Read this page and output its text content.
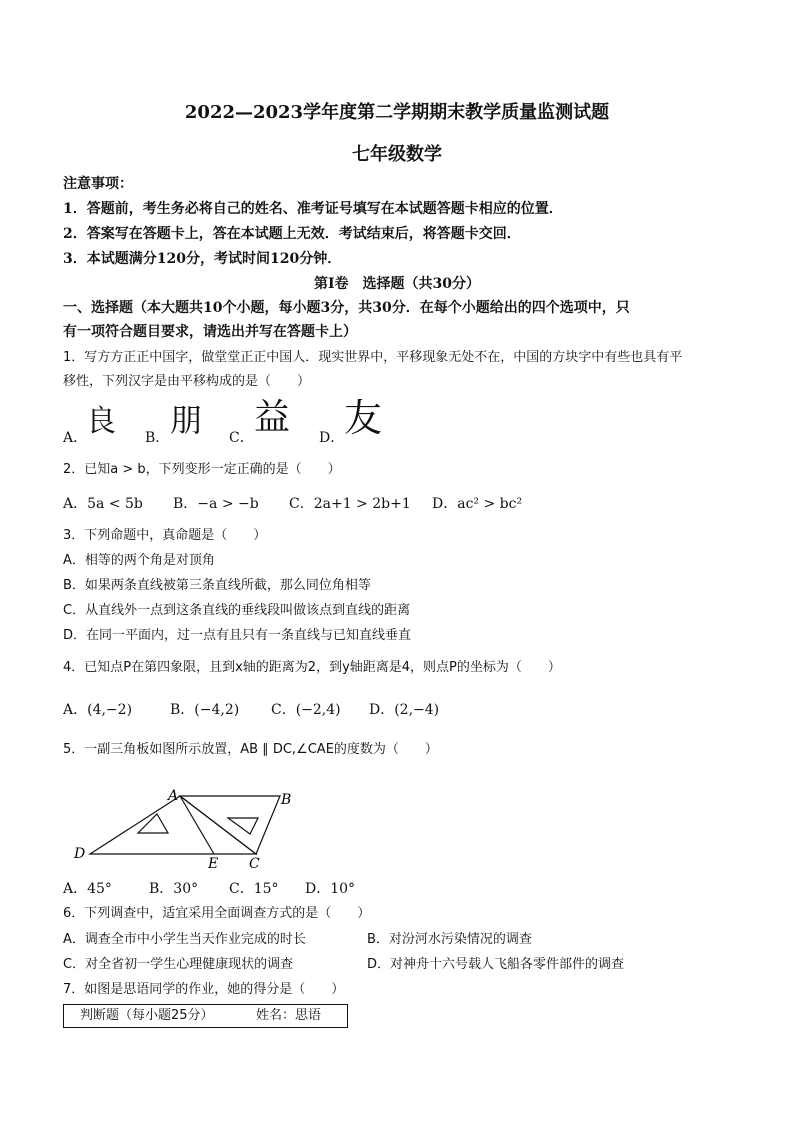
2022—2023学年度第二学期期末教学质量监测试题
七年级数学
注意事项：
1．答题前，考生务必将自己的姓名、准考证号填写在本试题答题卡相应的位置．
2．答案写在答题卡上，答在本试题上无效．考试结束后，将答题卡交回．
3．本试题满分120分，考试时间120分钟．
第Ⅰ卷　选择题（共30分）
一、选择题（本大题共10个小题，每小题3分，共30分．在每个小题给出的四个选项中，只
有一项符合题目要求，请选出并写在答题卡上）
1．写方方正正中国字，做堂堂正正中国人．现实世界中，平移现象无处不在，中国的方块字中有些也具有平
移性，下列汉字是由平移构成的是（　　）
A．
良 B． 朋 C． 益 D． 友
2．已知a > b，下列变形一定正确的是（　　）
A．5a < 5b B．−a > −b C．2a+1 > 2b+1 D．ac² > bc²
3．下列命题中，真命题是（　　）
A．相等的两个角是对顶角
B．如果两条直线被第三条直线所截，那么同位角相等
C．从直线外一点到这条直线的垂线段叫做该点到直线的距离
D．在同一平面内，过一点有且只有一条直线与已知直线垂直
4．已知点P在第四象限，且到x轴的距离为2，到y轴距离是4，则点P的坐标为（　　）
A．(4,−2)	B．(−4,2) C．(−2,4) D．(2,−4)
5．一副三角板如图所示放置，AB ∥ DC,∠CAE的度数为（　　）
A	B
D
E C
A．45°	B．30° C．15° D．10°
6．下列调查中，适宜采用全面调查方式的是（　　）
A．调查全市中小学生当天作业完成的时长	B．对汾河水污染情况的调查
C．对全省初一学生心理健康现状的调查	D．对神舟十六号载人飞船各零件部件的调查
7．如图是思语同学的作业，她的得分是（　　）
判断题（每小题25分）	姓名：思语
